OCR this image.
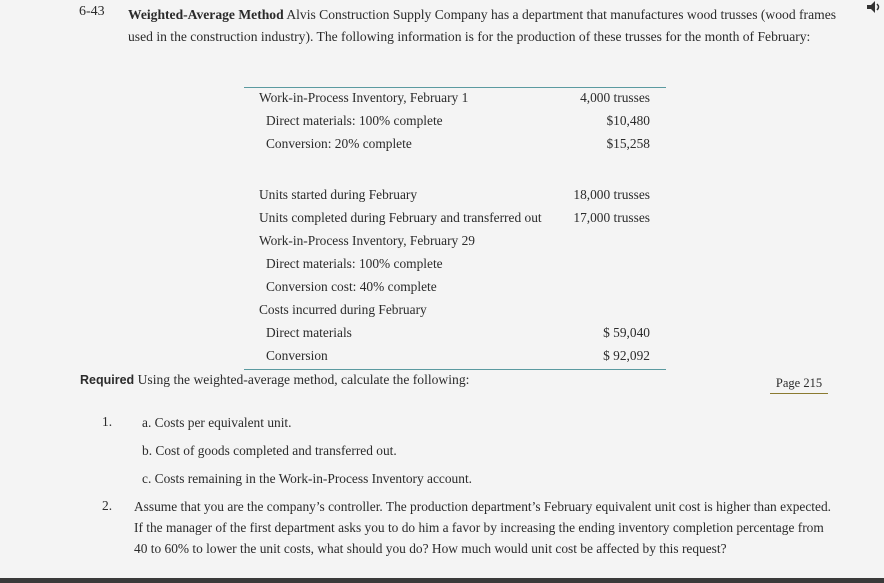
6-43 Weighted-Average Method Alvis Construction Supply Company has a department that manufactures wood trusses (wood frames used in the construction industry). The following information is for the production of these trusses for the month of February:
Work-in-Process Inventory, February 1	4,000 trusses
Direct materials: 100% complete	$10,480
Conversion: 20% complete	$15,258
Units started during February	18,000 trusses
Units completed during February and transferred out 17,000 trusses
Work-in-Process Inventory, February 29
Direct materials: 100% complete
Conversion cost: 40% complete
Costs incurred during February
Direct materials	$ 59,040
Conversion	$ 92,092
Required Using the weighted-average method, calculate the following:	Page 215
1. a. Costs per equivalent unit.
b. Cost of goods completed and transferred out.
c. Costs remaining in the Work-in-Process Inventory account.
2. Assume that you are the company’s controller. The production department’s February equivalent unit cost is higher than expected. If the manager of the first department asks you to do him a favor by increasing the ending inventory completion percentage from 40 to 60% to lower the unit costs, what should you do? How much would unit cost be affected by this request?
